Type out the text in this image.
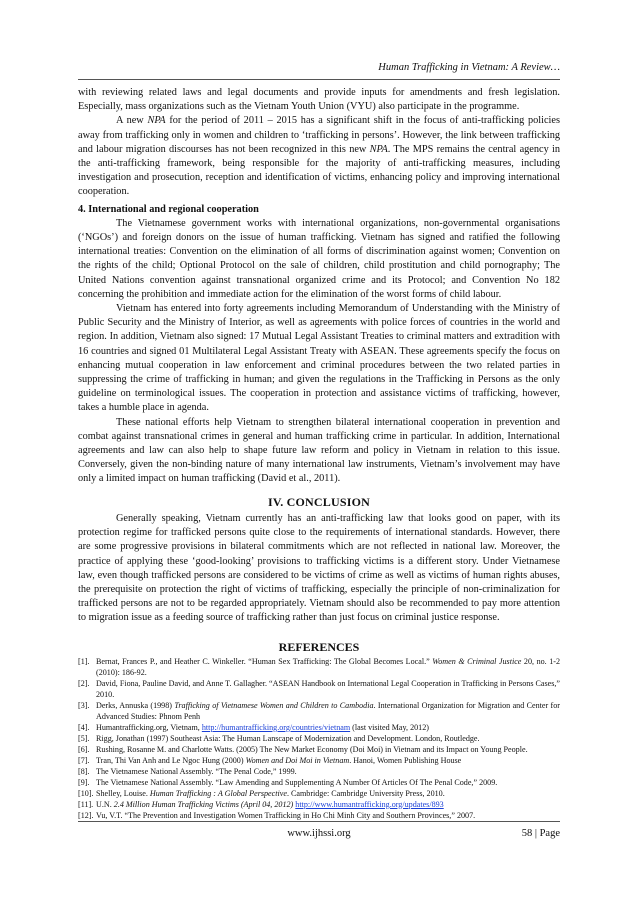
Human Trafficking in Vietnam: A Review…

with reviewing related laws and legal documents and provide inputs for amendments and fresh legislation. Especially, mass organizations such as the Vietnam Youth Union (VYU) also participate in the programme.

A new NPA for the period of 2011 – 2015 has a significant shift in the focus of anti-trafficking policies away from trafficking only in women and children to ‘trafficking in persons’. However, the link between trafficking and labour migration discourses has not been recognized in this new NPA. The MPS remains the central agency in the anti-trafficking framework, being responsible for the majority of anti-trafficking measures, including investigation and prosecution, reception and identification of victims, enhancing policy and improving international cooperation.

4. International and regional cooperation

The Vietnamese government works with international organizations, non-governmental organisations (‘NGOs’) and foreign donors on the issue of human trafficking. Vietnam has signed and ratified the following international treaties: Convention on the elimination of all forms of discrimination against women; Convention on the rights of the child; Optional Protocol on the sale of children, child prostitution and child pornography; The United Nations convention against transnational organized crime and its Protocol; and Convention No 182 concerning the prohibition and immediate action for the elimination of the worst forms of child labour.

Vietnam has entered into forty agreements including Memorandum of Understanding with the Ministry of Public Security and the Ministry of Interior, as well as agreements with police forces of countries in the world and region. In addition, Vietnam also signed: 17 Mutual Legal Assistant Treaties to criminal matters and extradition with 16 countries and signed 01 Multilateral Legal Assistant Treaty with ASEAN. These agreements specify the focus on enhancing mutual cooperation in law enforcement and criminal procedures between the two related parties in suppressing the crime of trafficking in human; and given the regulations in the Trafficking in Persons as the only guideline on terminological issues. The cooperation in protection and assistance victims of trafficking, however, takes a humble place in agenda.

These national efforts help Vietnam to strengthen bilateral international cooperation in prevention and combat against transnational crimes in general and human trafficking crime in particular. In addition, International agreements and law can also help to shape future law reform and policy in Vietnam in relation to this issue. Conversely, given the non-binding nature of many international law instruments, Vietnam’s involvement may have only a limited impact on human trafficking (David et al., 2011).

IV. CONCLUSION

Generally speaking, Vietnam currently has an anti-trafficking law that looks good on paper, with its protection regime for trafficked persons quite close to the requirements of international standards. However, there are some progressive provisions in bilateral commitments which are not reflected in national law. Moreover, the practice of applying these ‘good-looking’ provisions to trafficking victims is a different story. Under Vietnamese law, even though trafficked persons are considered to be victims of crime as well as victims of human rights abuses, the prerequisite on protection the right of victims of trafficking, especially the principle of non-criminalization for trafficked persons are not to be regarded appropriately. Vietnam should also be recommended to pay more attention to migration issue as a feeding source of trafficking rather than just focus on criminal justice response.

REFERENCES
[1]. Bernat, Frances P., and Heather C. Winkeller. “Human Sex Trafficking: The Global Becomes Local.” Women & Criminal Justice 20, no. 1-2 (2010): 186-92.
[2]. David, Fiona, Pauline David, and Anne T. Gallagher. “ASEAN Handbook on International Legal Cooperation in Trafficking in Persons Cases,” 2010.
[3]. Derks, Annuska (1998) Trafficking of Vietnamese Women and Children to Cambodia. International Organization for Migration and Center for Advanced Studies: Phnom Penh
[4]. Humantrafficking.org, Vietnam, http://humantrafficking.org/countries/vietnam (last visited May, 2012)
[5]. Rigg, Jonathan (1997) Southeast Asia: The Human Lanscape of Modernization and Development. London, Routledge.
[6]. Rushing, Rosanne M. and Charlotte Watts. (2005) The New Market Economy (Doi Moi) in Vietnam and its Impact on Young People.
[7]. Tran, Thi Van Anh and Le Ngoc Hung (2000) Women and Doi Moi in Vietnam. Hanoi, Women Publishing House
[8]. The Vietnamese National Assembly. “The Penal Code,” 1999.
[9]. The Vietnamese National Assembly. “Law Amending and Supplementing A Number Of Articles Of The Penal Code,” 2009.
[10]. Shelley, Louise. Human Trafficking : A Global Perspective. Cambridge: Cambridge University Press, 2010.
[11]. U.N. 2.4 Million Human Trafficking Victims (April 04, 2012) http://www.humantrafficking.org/updates/893
[12]. Vu, V.T. “The Prevention and Investigation Women Trafficking in Ho Chi Minh City and Southern Provinces,” 2007.
www.ijhssi.org	58 | Page
